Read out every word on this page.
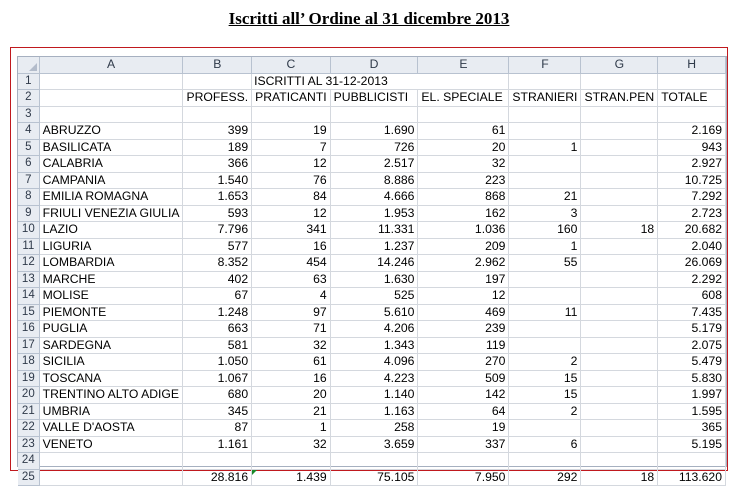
Iscritti all’ Ordine al 31 dicembre 2013
	A	B	C	D	E	F	G	H
1			ISCRITTI AL 31-12-2013					
2		PROFESS.	PRATICANTI	PUBBLICISTI	EL. SPECIALE	STRANIERI	STRAN.PEN	TOTALE
3								
4	ABRUZZO	399	19	1.690	61			2.169
5	BASILICATA	189	7	726	20	1		943
6	CALABRIA	366	12	2.517	32			2.927
7	CAMPANIA	1.540	76	8.886	223			10.725
8	EMILIA ROMAGNA	1.653	84	4.666	868	21		7.292
9	FRIULI VENEZIA GIULIA	593	12	1.953	162	3		2.723
10	LAZIO	7.796	341	11.331	1.036	160	18	20.682
11	LIGURIA	577	16	1.237	209	1		2.040
12	LOMBARDIA	8.352	454	14.246	2.962	55		26.069
13	MARCHE	402	63	1.630	197			2.292
14	MOLISE	67	4	525	12			608
15	PIEMONTE	1.248	97	5.610	469	11		7.435
16	PUGLIA	663	71	4.206	239			5.179
17	SARDEGNA	581	32	1.343	119			2.075
18	SICILIA	1.050	61	4.096	270	2		5.479
19	TOSCANA	1.067	16	4.223	509	15		5.830
20	TRENTINO ALTO ADIGE	680	20	1.140	142	15		1.997
21	UMBRIA	345	21	1.163	64	2		1.595
22	VALLE D'AOSTA	87	1	258	19			365
23	VENETO	1.161	32	3.659	337	6		5.195
24								
25		28.816	1.439	75.105	7.950	292	18	113.620
